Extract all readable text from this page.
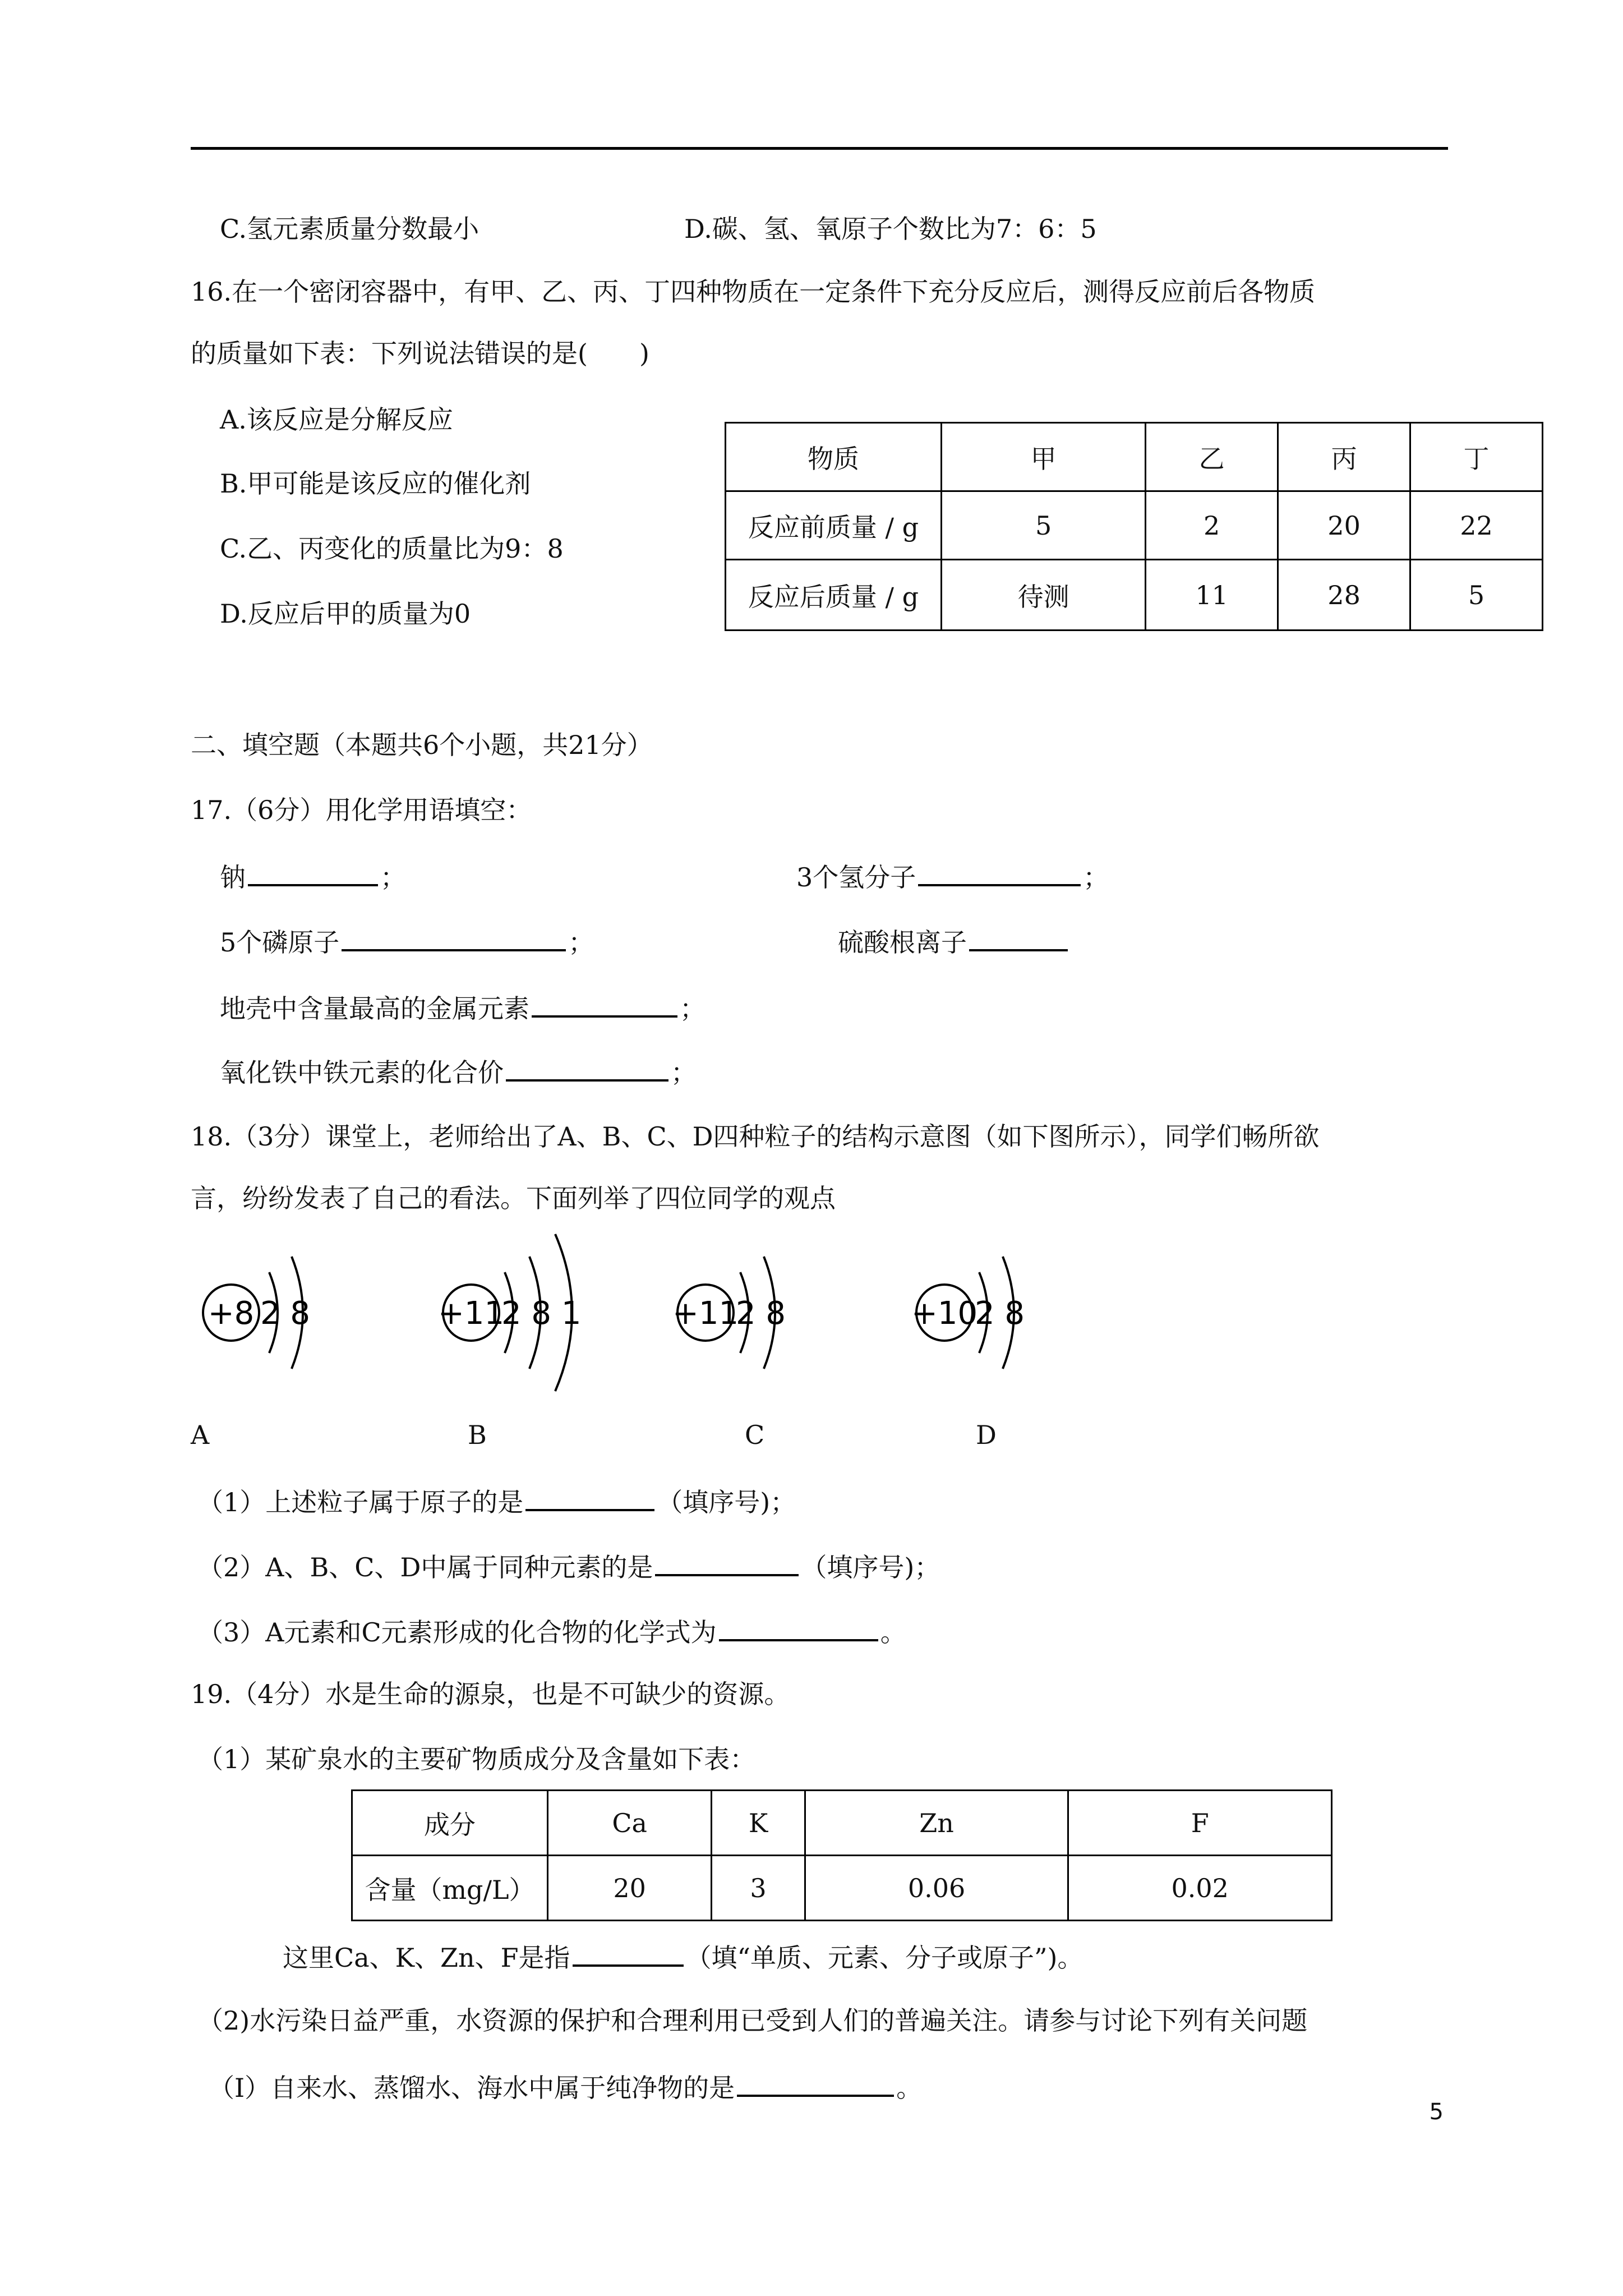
C.氢元素质量分数最小	D.碳、氢、氧原子个数比为7：6：5
16.在一个密闭容器中，有甲、乙、丙、丁四种物质在一定条件下充分反应后，测得反应前后各物质
的质量如下表：下列说法错误的是(　　)
A.该反应是分解反应
B.甲可能是该反应的催化剂
C.乙、丙变化的质量比为9：8
D.反应后甲的质量为0
物质	甲	乙	丙	丁
反应前质量 / g	5	2	20	22
反应后质量 / g	待测	11	28	5
二、填空题（本题共6个小题，共21分）
17.（6分）用化学用语填空：
钠	；	3个氢分子	；
5个磷原子	；	硫酸根离子
地壳中含量最高的金属元素	；
氧化铁中铁元素的化合价	；
18.（3分）课堂上，老师给出了A、B、C、D四种粒子的结构示意图（如下图所示），同学们畅所欲
言，纷纷发表了自己的看法。下面列举了四位同学的观点
+8 2 8	+11
2 8 1	+11
2 8	+10
2 8
A	B	C	D
（1）上述粒子属于原子的是	（填序号)；
（2）A、B、C、D中属于同种元素的是	（填序号)；
（3）A元素和C元素形成的化合物的化学式为	。
19.（4分）水是生命的源泉，也是不可缺少的资源。
（1）某矿泉水的主要矿物质成分及含量如下表：
成分	Ca	K	Zn	F
含量（mg/L）	20	3	0.06	0.02
这里Ca、K、Zn、F是指	（填“单质、元素、分子或原子”)。
（2)水污染日益严重，水资源的保护和合理利用已受到人们的普遍关注。请参与讨论下列有关问题
（Ⅰ）自来水、蒸馏水、海水中属于纯净物的是	。
5
